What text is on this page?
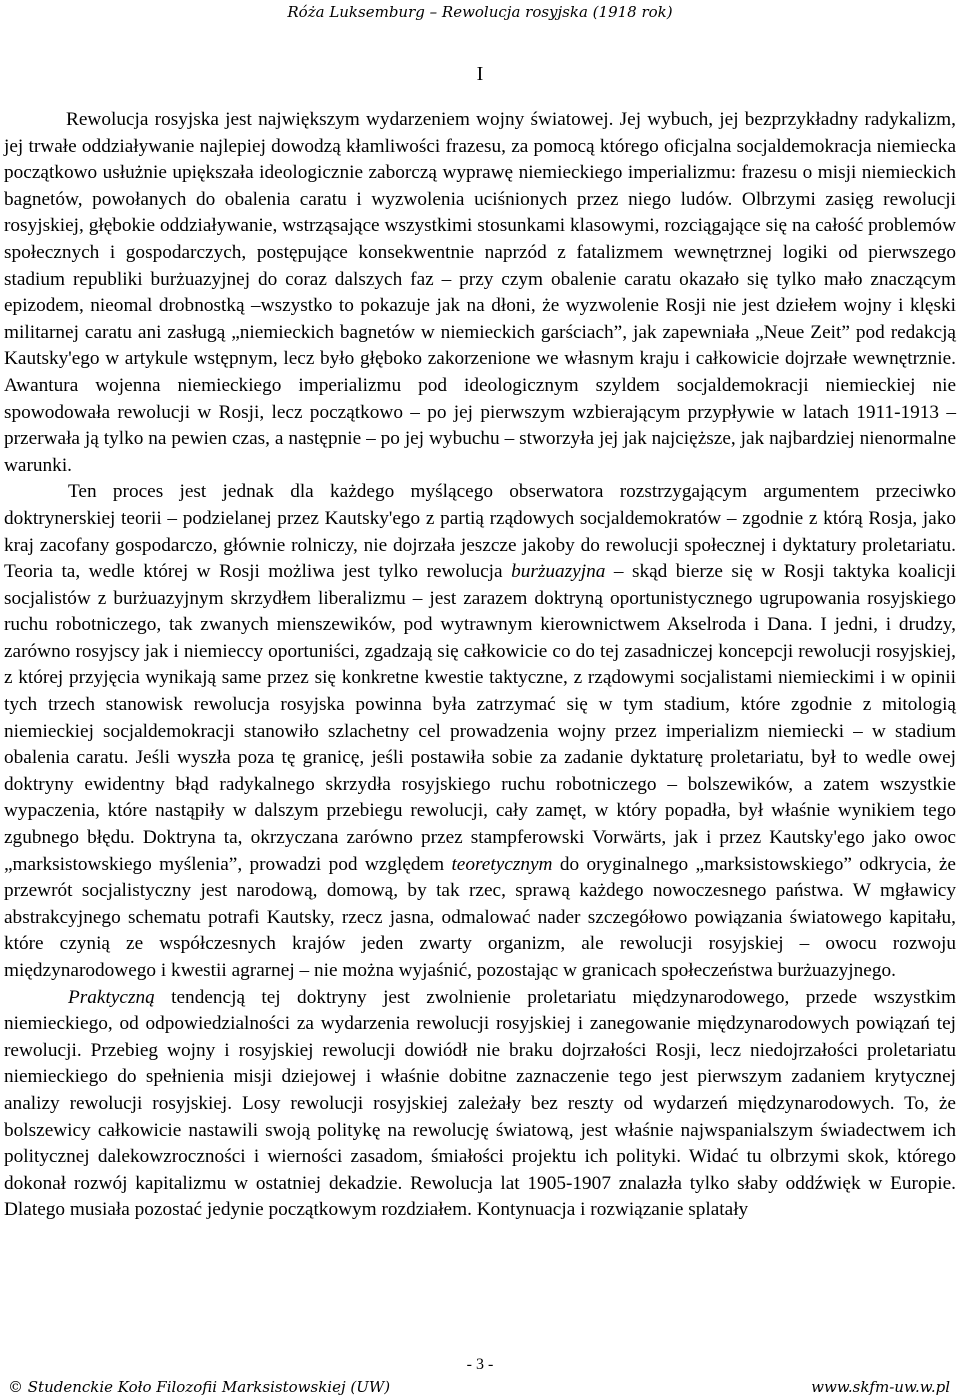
Róża Luksemburg – Rewolucja rosyjska (1918 rok)
I

Rewolucja rosyjska jest największym wydarzeniem wojny światowej. Jej wybuch, jej bezprzykładny radykalizm, jej trwałe oddziaływanie najlepiej dowodzą kłamliwości frazesu, za pomocą którego oficjalna socjaldemokracja niemiecka początkowo usłużnie upiększała ideologicznie zaborczą wyprawę niemieckiego imperializmu: frazesu o misji niemieckich bagnetów, powołanych do obalenia caratu i wyzwolenia uciśnionych przez niego ludów. Olbrzymi zasięg rewolucji rosyjskiej, głębokie oddziaływanie, wstrząsające wszystkimi stosunkami klasowymi, rozciągające się na całość problemów społecznych i gospodarczych, postępujące konsekwentnie naprzód z fatalizmem wewnętrznej logiki od pierwszego stadium republiki burżuazyjnej do coraz dalszych faz – przy czym obalenie caratu okazało się tylko mało znaczącym epizodem, nieomal drobnostką –wszystko to pokazuje jak na dłoni, że wyzwolenie Rosji nie jest dziełem wojny i klęski militarnej caratu ani zasługą „niemieckich bagnetów w niemieckich garściach”, jak zapewniała „Neue Zeit” pod redakcją Kautsky'ego w artykule wstępnym, lecz było głęboko zakorzenione we własnym kraju i całkowicie dojrzałe wewnętrznie. Awantura wojenna niemieckiego imperializmu pod ideologicznym szyldem socjaldemokracji niemieckiej nie spowodowała rewolucji w Rosji, lecz początkowo – po jej pierwszym wzbierającym przypływie w latach 1911-1913 – przerwała ją tylko na pewien czas, a następnie – po jej wybuchu – stworzyła jej jak najcięższe, jak najbardziej nienormalne warunki.

Ten proces jest jednak dla każdego myślącego obserwatora rozstrzygającym argumentem przeciwko doktrynerskiej teorii – podzielanej przez Kautsky'ego z partią rządowych socjaldemokratów – zgodnie z którą Rosja, jako kraj zacofany gospodarczo, głównie rolniczy, nie dojrzała jeszcze jakoby do rewolucji społecznej i dyktatury proletariatu. Teoria ta, wedle której w Rosji możliwa jest tylko rewolucja burżuazyjna – skąd bierze się w Rosji taktyka koalicji socjalistów z burżuazyjnym skrzydłem liberalizmu – jest zarazem doktryną oportunistycznego ugrupowania rosyjskiego ruchu robotniczego, tak zwanych mienszewików, pod wytrawnym kierownictwem Akselroda i Dana. I jedni, i drudzy, zarówno rosyjscy jak i niemieccy oportuniści, zgadzają się całkowicie co do tej zasadniczej koncepcji rewolucji rosyjskiej, z której przyjęcia wynikają same przez się konkretne kwestie taktyczne, z rządowymi socjalistami niemieckimi i w opinii tych trzech stanowisk rewolucja rosyjska powinna była zatrzymać się w tym stadium, które zgodnie z mitologią niemieckiej socjaldemokracji stanowiło szlachetny cel prowadzenia wojny przez imperializm niemiecki – w stadium obalenia caratu. Jeśli wyszła poza tę granicę, jeśli postawiła sobie za zadanie dyktaturę proletariatu, był to wedle owej doktryny ewidentny błąd radykalnego skrzydła rosyjskiego ruchu robotniczego – bolszewików, a zatem wszystkie wypaczenia, które nastąpiły w dalszym przebiegu rewolucji, cały zamęt, w który popadła, był właśnie wynikiem tego zgubnego błędu. Doktryna ta, okrzyczana zarówno przez stampferowski Vorwärts, jak i przez Kautsky'ego jako owoc „marksistowskiego myślenia”, prowadzi pod względem teoretycznym do oryginalnego „marksistowskiego” odkrycia, że przewrót socjalistyczny jest narodową, domową, by tak rzec, sprawą każdego nowoczesnego państwa. W mgławicy abstrakcyjnego schematu potrafi Kautsky, rzecz jasna, odmalować nader szczegółowo powiązania światowego kapitału, które czynią ze współczesnych krajów jeden zwarty organizm, ale rewolucji rosyjskiej – owocu rozwoju międzynarodowego i kwestii agrarnej – nie można wyjaśnić, pozostając w granicach społeczeństwa burżuazyjnego.

Praktyczną tendencją tej doktryny jest zwolnienie proletariatu międzynarodowego, przede wszystkim niemieckiego, od odpowiedzialności za wydarzenia rewolucji rosyjskiej i zanegowanie międzynarodowych powiązań tej rewolucji. Przebieg wojny i rosyjskiej rewolucji dowiódł nie braku dojrzałości Rosji, lecz niedojrzałości proletariatu niemieckiego do spełnienia misji dziejowej i właśnie dobitne zaznaczenie tego jest pierwszym zadaniem krytycznej analizy rewolucji rosyjskiej. Losy rewolucji rosyjskiej zależały bez reszty od wydarzeń międzynarodowych. To, że bolszewicy całkowicie nastawili swoją politykę na rewolucję światową, jest właśnie najwspanialszym świadectwem ich politycznej dalekowzroczności i wierności zasadom, śmiałości projektu ich polityki. Widać tu olbrzymi skok, którego dokonał rozwój kapitalizmu w ostatniej dekadzie. Rewolucja lat 1905-1907 znalazła tylko słaby oddźwięk w Europie. Dlatego musiała pozostać jedynie początkowym rozdziałem. Kontynuacja i rozwiązanie splatały

- 3 -
© Studenckie Koło Filozofii Marksistowskiej (UW)	www.skfm-uw.w.pl
